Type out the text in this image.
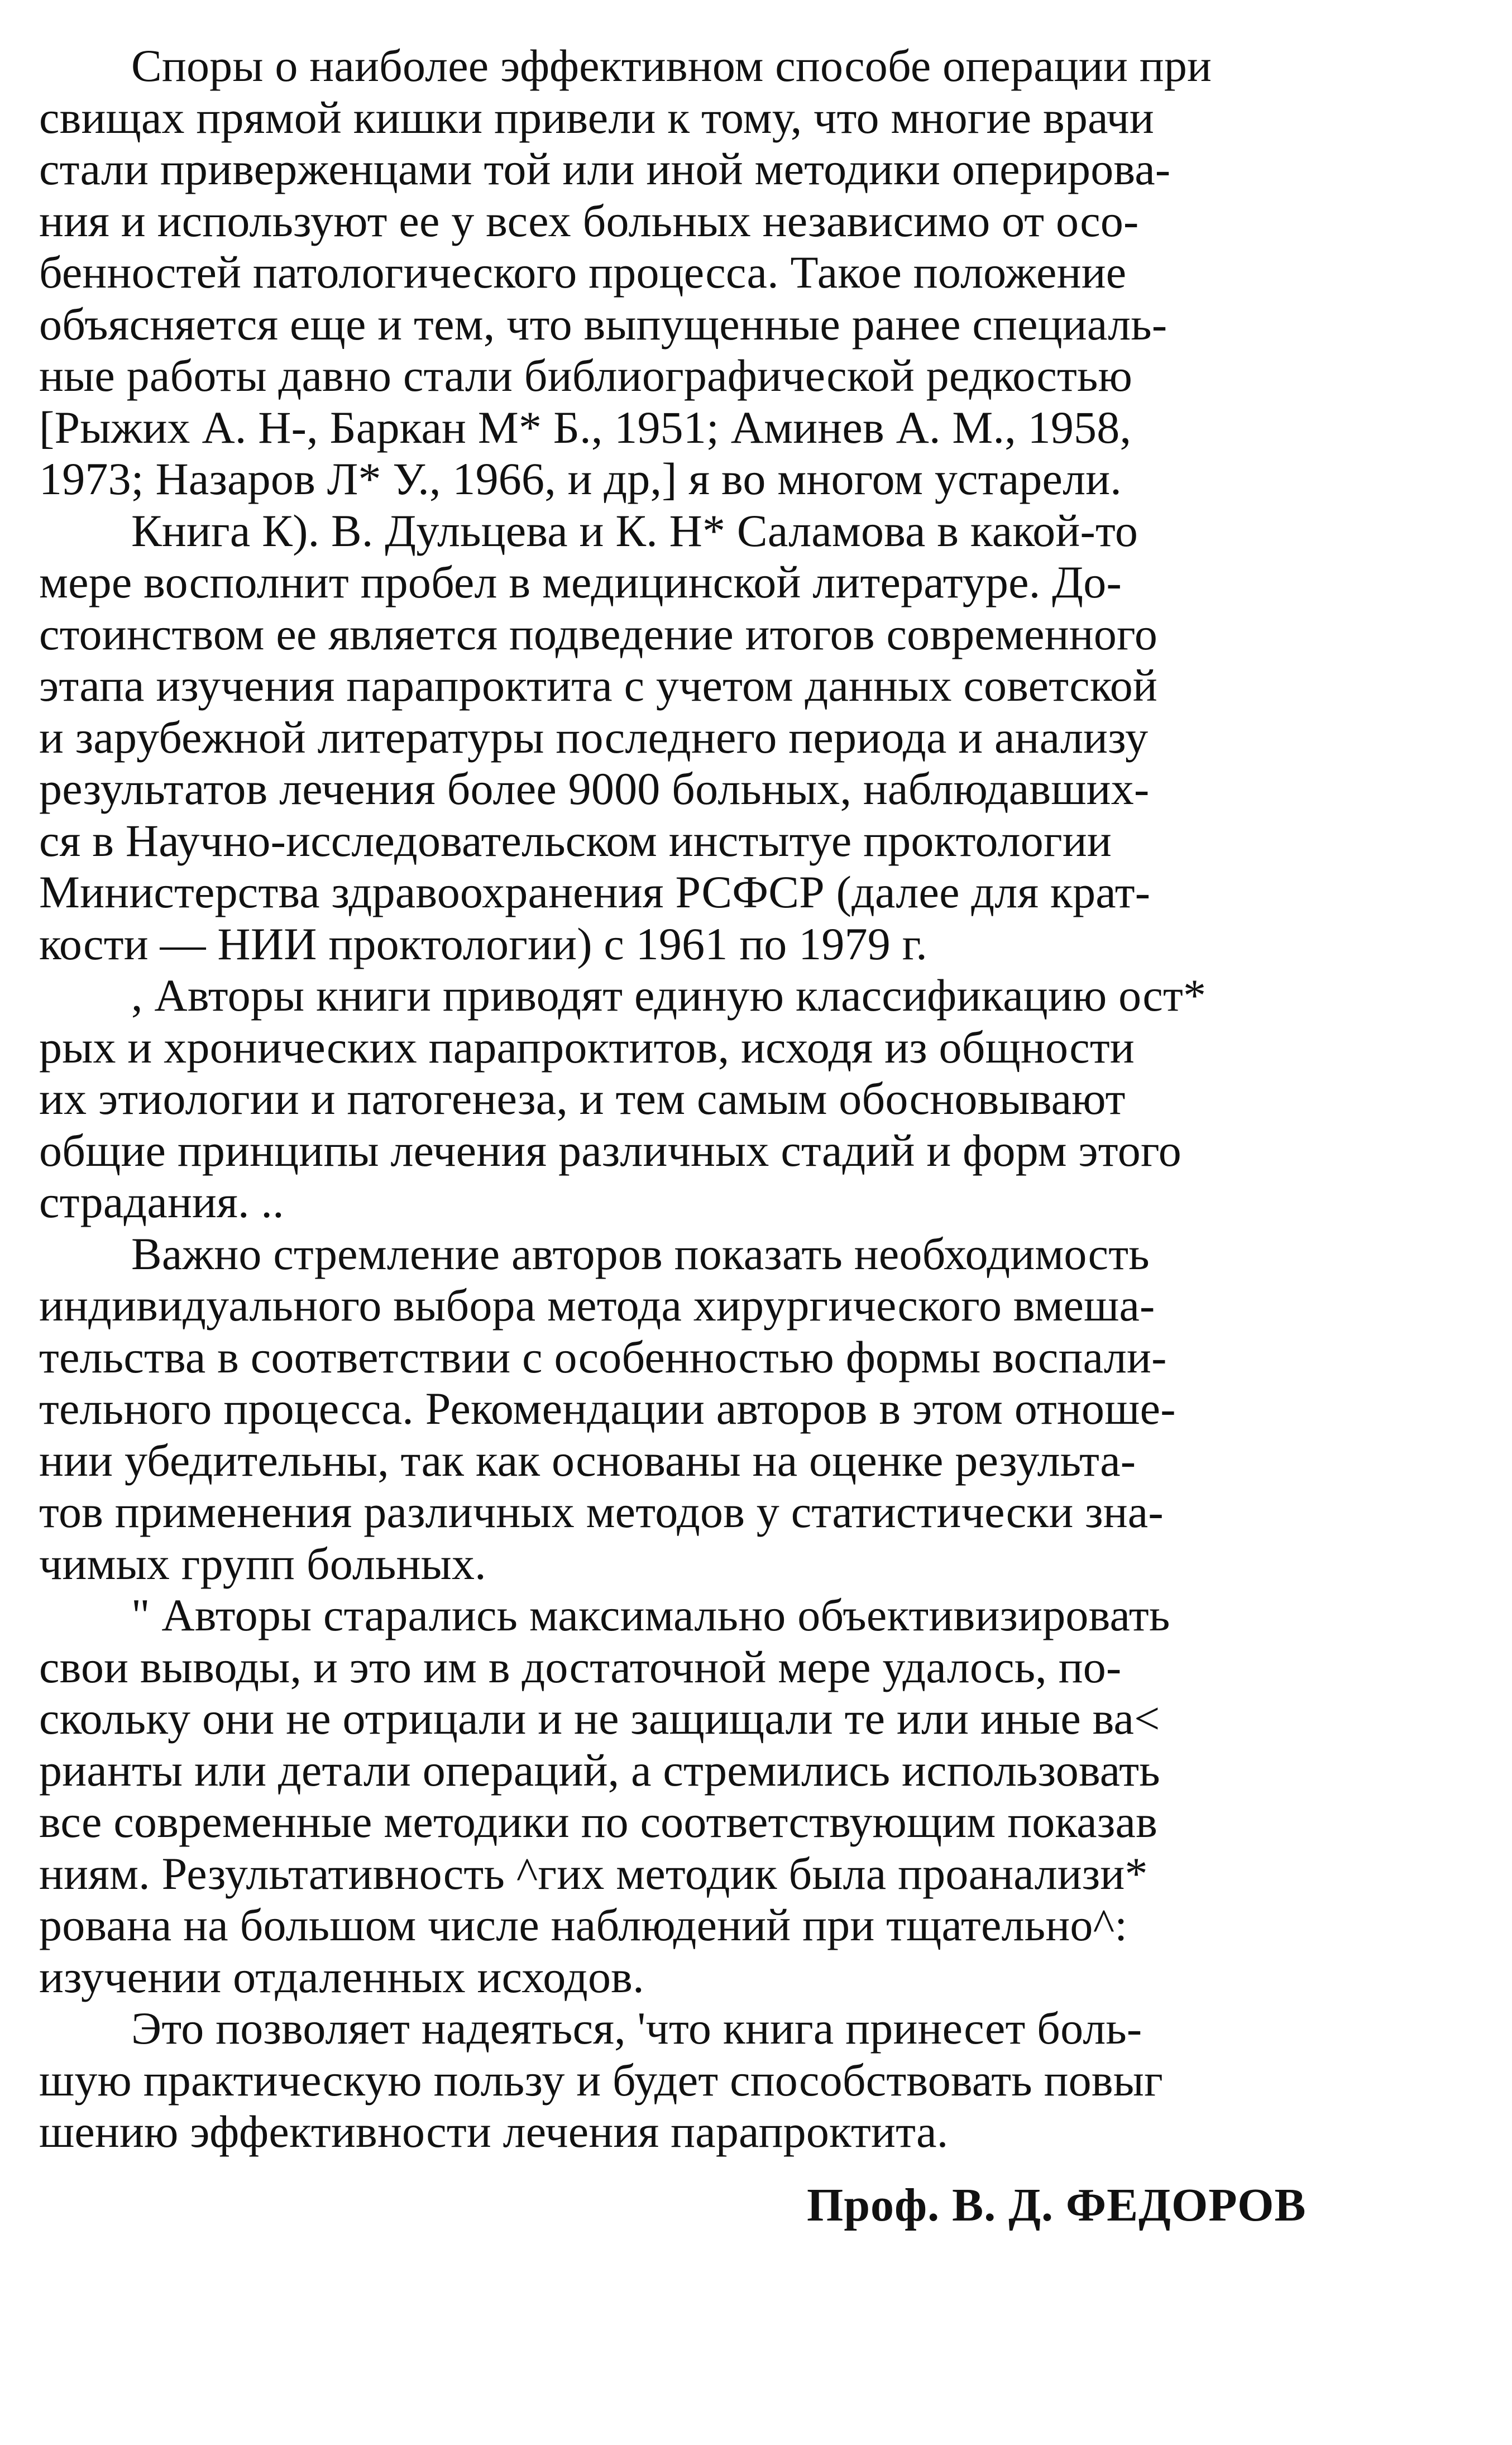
Споры о наиболее эффективном способе операции при
свищах прямой кишки привели к тому, что многие врачи
стали приверженцами той или иной методики оперирова-
ния и используют ее у всех больных независимо от осо-
бенностей патологического процесса. Такое положение
объясняется еще и тем, что выпущенные ранее специаль-
ные работы давно стали библиографической редкостью
[Рыжих А. Н-, Баркан М* Б., 1951; Аминев А. М., 1958,
1973; Назаров Л* У., 1966, и др,] я во многом устарели.
Книга К). В. Дульцева и К. Н* Саламова в какой-то
мере восполнит пробел в медицинской литературе. До-
стоинством ее является подведение итогов современного
этапа изучения парапроктита с учетом данных советской
и зарубежной литературы последнего периода и анализу
результатов лечения более 9000 больных, наблюдавших-
ся в Научно-исследовательском инстытуе проктологии
Министерства здравоохранения РСФСР (далее для крат-
кости — НИИ проктологии) с 1961 по 1979 г.
, Авторы книги приводят единую классификацию ост*
рых и хронических парапроктитов, исходя из общности
их этиологии и патогенеза, и тем самым обосновывают
общие принципы лечения различных стадий и форм этого
страдания. ..
Важно стремление авторов показать необходимость
индивидуального выбора метода хирургического вмеша-
тельства в соответствии с особенностью формы воспали-
тельного процесса. Рекомендации авторов в этом отноше-
нии убедительны, так как основаны на оценке результа-
тов применения различных методов у статистически зна-
чимых групп больных.
" Авторы старались максимально объективизировать
свои выводы, и это им в достаточной мере удалось, по-
скольку они не отрицали и не защищали те или иные ва<
рианты или детали операций, а стремились использовать
все современные методики по соответствующим показав
ниям. Результативность ^гих методик была проанализи*
рована на большом числе наблюдений при тщательно^:
изучении отдаленных исходов.
Это позволяет надеяться, 'что книга принесет боль-
шую практическую пользу и будет способствовать повыг
шению эффективности лечения парапроктита.
Проф. В. Д. ФЕДОРОВ
